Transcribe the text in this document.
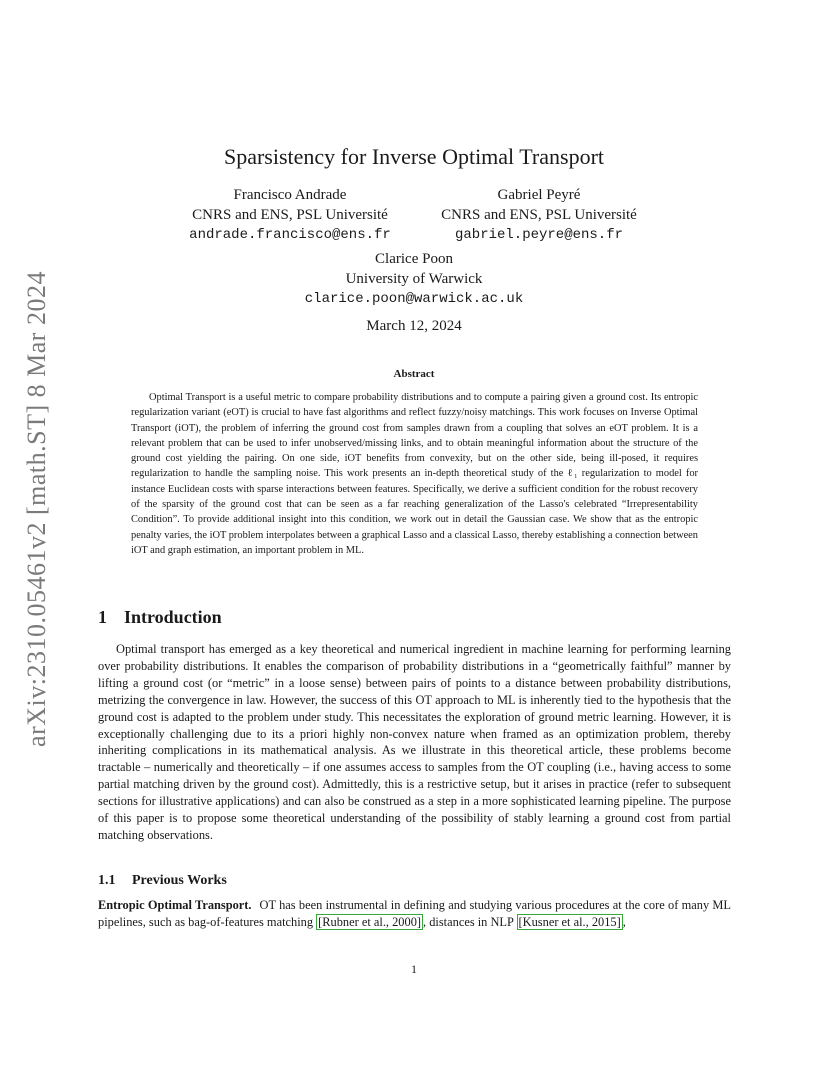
arXiv:2310.05461v2 [math.ST] 8 Mar 2024
Sparsistency for Inverse Optimal Transport
Francisco Andrade
CNRS and ENS, PSL Université
andrade.francisco@ens.fr
Gabriel Peyré
CNRS and ENS, PSL Université
gabriel.peyre@ens.fr
Clarice Poon
University of Warwick
clarice.poon@warwick.ac.uk
March 12, 2024
Abstract
Optimal Transport is a useful metric to compare probability distributions and to compute a pairing given a ground cost. Its entropic regularization variant (eOT) is crucial to have fast algorithms and reflect fuzzy/noisy matchings. This work focuses on Inverse Optimal Transport (iOT), the problem of inferring the ground cost from samples drawn from a coupling that solves an eOT problem. It is a relevant problem that can be used to infer unobserved/missing links, and to obtain meaningful information about the structure of the ground cost yielding the pairing. On one side, iOT benefits from convexity, but on the other side, being ill-posed, it requires regularization to handle the sampling noise. This work presents an in-depth theoretical study of the ℓ₁ regularization to model for instance Euclidean costs with sparse interactions between features. Specifically, we derive a sufficient condition for the robust recovery of the sparsity of the ground cost that can be seen as a far reaching generalization of the Lasso's celebrated “Irrepresentability Condition”. To provide additional insight into this condition, we work out in detail the Gaussian case. We show that as the entropic penalty varies, the iOT problem interpolates between a graphical Lasso and a classical Lasso, thereby establishing a connection between iOT and graph estimation, an important problem in ML.
1 Introduction
Optimal transport has emerged as a key theoretical and numerical ingredient in machine learning for performing learning over probability distributions. It enables the comparison of probability distributions in a “geometrically faithful” manner by lifting a ground cost (or “metric” in a loose sense) between pairs of points to a distance between probability distributions, metrizing the convergence in law. However, the success of this OT approach to ML is inherently tied to the hypothesis that the ground cost is adapted to the problem under study. This necessitates the exploration of ground metric learning. However, it is exceptionally challenging due to its a priori highly non-convex nature when framed as an optimization problem, thereby inheriting complications in its mathematical analysis. As we illustrate in this theoretical article, these problems become tractable – numerically and theoretically – if one assumes access to samples from the OT coupling (i.e., having access to some partial matching driven by the ground cost). Admittedly, this is a restrictive setup, but it arises in practice (refer to subsequent sections for illustrative applications) and can also be construed as a step in a more sophisticated learning pipeline. The purpose of this paper is to propose some theoretical understanding of the possibility of stably learning a ground cost from partial matching observations.
1.1 Previous Works
Entropic Optimal Transport. OT has been instrumental in defining and studying various procedures at the core of many ML pipelines, such as bag-of-features matching [Rubner et al., 2000] , distances in NLP [Kusner et al., 2015] ,
1
